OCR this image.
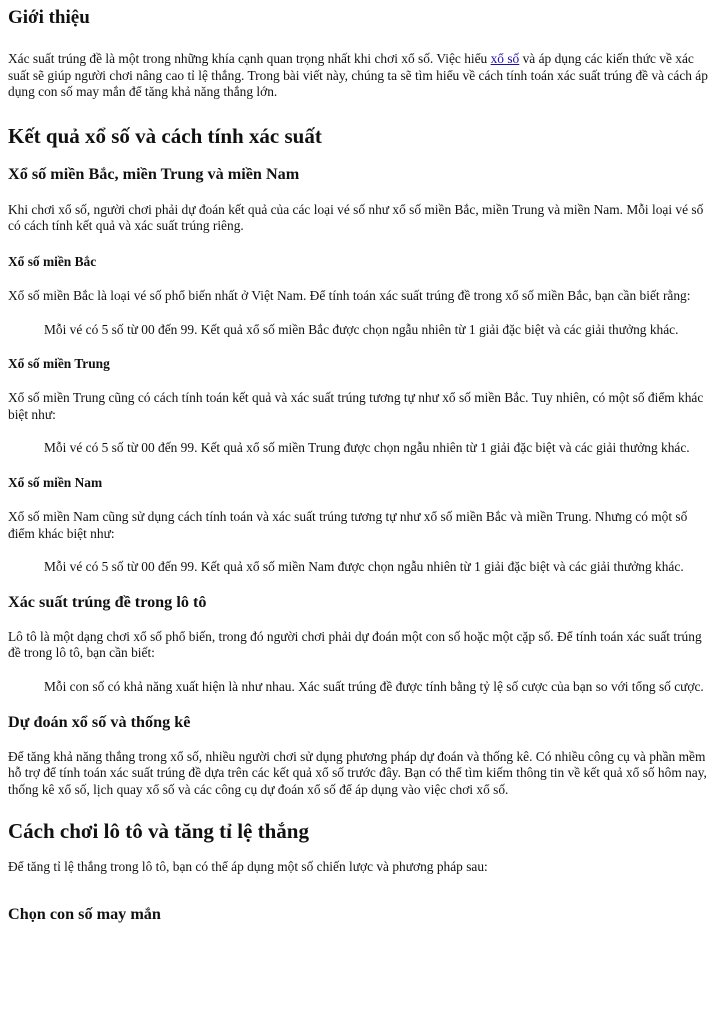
Giới thiệu

Xác suất trúng đề là một trong những khía cạnh quan trọng nhất khi chơi xổ số. Việc hiểu xổ số và áp dụng các kiến thức về xác suất sẽ giúp người chơi nâng cao tỉ lệ thắng. Trong bài viết này, chúng ta sẽ tìm hiểu về cách tính toán xác suất trúng đề và cách áp dụng con số may mắn để tăng khả năng thắng lớn.

Kết quả xổ số và cách tính xác suất
Xổ số miền Bắc, miền Trung và miền Nam

Khi chơi xổ số, người chơi phải dự đoán kết quả của các loại vé số như xổ số miền Bắc, miền Trung và miền Nam. Mỗi loại vé số có cách tính kết quả và xác suất trúng riêng.

Xổ số miền Bắc

Xổ số miền Bắc là loại vé số phổ biến nhất ở Việt Nam. Để tính toán xác suất trúng đề trong xổ số miền Bắc, bạn cần biết rằng:

Mỗi vé có 5 số từ 00 đến 99. Kết quả xổ số miền Bắc được chọn ngẫu nhiên từ 1 giải đặc biệt và các giải thưởng khác.
Xổ số miền Trung

Xổ số miền Trung cũng có cách tính toán kết quả và xác suất trúng tương tự như xổ số miền Bắc. Tuy nhiên, có một số điểm khác biệt như:

Mỗi vé có 5 số từ 00 đến 99. Kết quả xổ số miền Trung được chọn ngẫu nhiên từ 1 giải đặc biệt và các giải thưởng khác.
Xổ số miền Nam

Xổ số miền Nam cũng sử dụng cách tính toán và xác suất trúng tương tự như xổ số miền Bắc và miền Trung. Nhưng có một số điểm khác biệt như:

Mỗi vé có 5 số từ 00 đến 99. Kết quả xổ số miền Nam được chọn ngẫu nhiên từ 1 giải đặc biệt và các giải thưởng khác.
Xác suất trúng đề trong lô tô

Lô tô là một dạng chơi xổ số phổ biến, trong đó người chơi phải dự đoán một con số hoặc một cặp số. Để tính toán xác suất trúng đề trong lô tô, bạn cần biết:

Mỗi con số có khả năng xuất hiện là như nhau. Xác suất trúng đề được tính bằng tỷ lệ số cược của bạn so với tổng số cược.
Dự đoán xổ số và thống kê

Để tăng khả năng thắng trong xổ số, nhiều người chơi sử dụng phương pháp dự đoán và thống kê. Có nhiều công cụ và phần mềm hỗ trợ để tính toán xác suất trúng đề dựa trên các kết quả xổ số trước đây. Bạn có thể tìm kiếm thông tin về kết quả xổ số hôm nay, thống kê xổ số, lịch quay xổ số và các công cụ dự đoán xổ số để áp dụng vào việc chơi xổ số.

Cách chơi lô tô và tăng tỉ lệ thắng

Để tăng tỉ lệ thắng trong lô tô, bạn có thể áp dụng một số chiến lược và phương pháp sau:

Chọn con số may mắn
